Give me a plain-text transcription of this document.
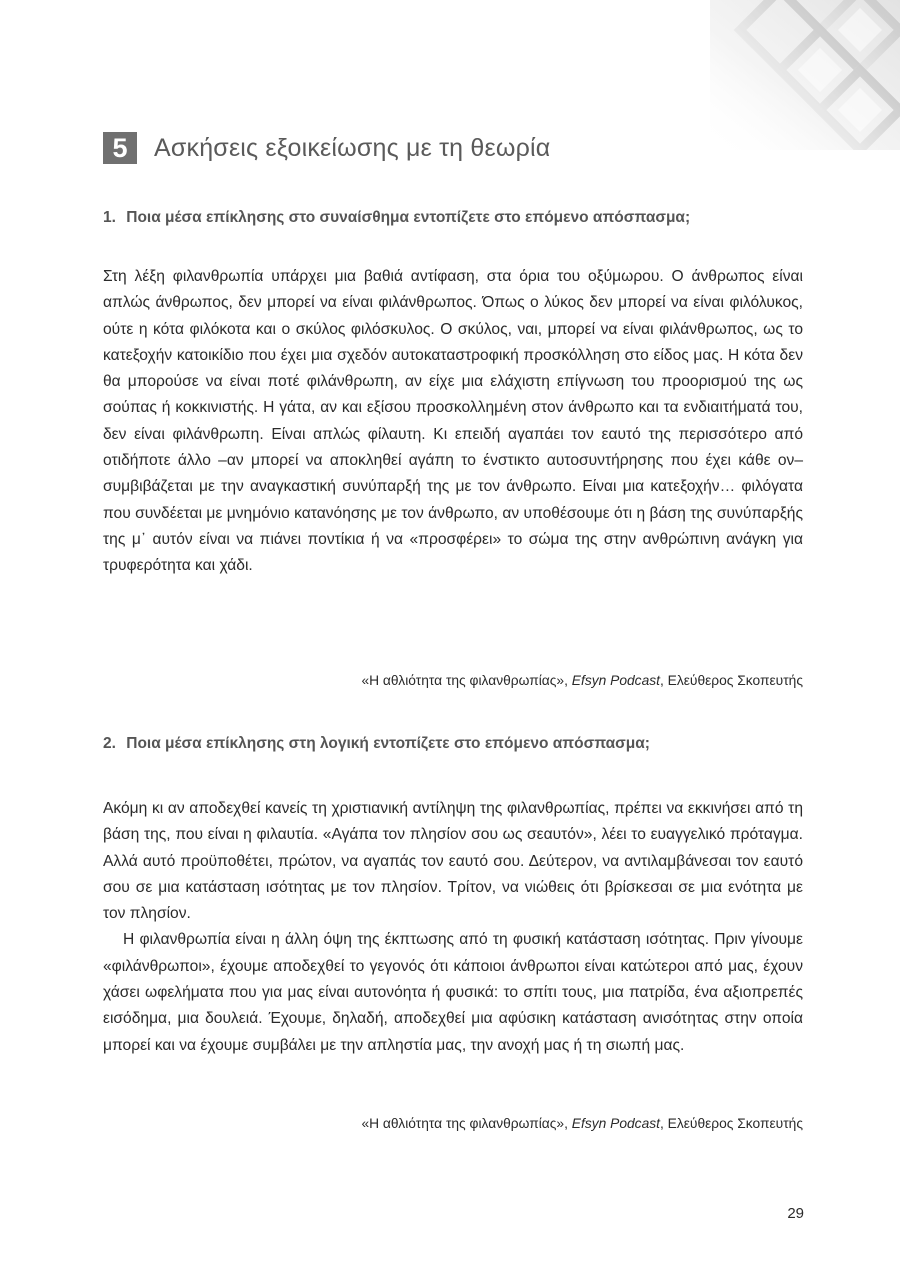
5	Ασκήσεις εξοικείωσης με τη θεωρία
1. Ποια μέσα επίκλησης στο συναίσθημα εντοπίζετε στο επόμενο απόσπασμα;

Στη λέξη φιλανθρωπία υπάρχει μια βαθιά αντίφαση, στα όρια του οξύμωρου. Ο άνθρωπος είναι απλώς άνθρωπος, δεν μπορεί να είναι φιλάνθρωπος. Όπως ο λύκος δεν μπορεί να είναι φιλόλυκος, ούτε η κότα φιλόκοτα και ο σκύλος φιλόσκυλος. Ο σκύλος, ναι, μπορεί να είναι φιλάνθρωπος, ως το κατεξοχήν κατοικίδιο που έχει μια σχεδόν αυτοκαταστροφική προσκόλληση στο είδος μας. Η κότα δεν θα μπορούσε να είναι ποτέ φιλάνθρωπη, αν είχε μια ελάχιστη επίγνωση του προορισμού της ως σούπας ή κοκκινιστής. Η γάτα, αν και εξίσου προσκολλημένη στον άνθρωπο και τα ενδιαιτήματά του, δεν είναι φιλάνθρωπη. Είναι απλώς φίλαυτη. Κι επειδή αγαπάει τον εαυτό της περισσότερο από οτιδήποτε άλλο –αν μπορεί να αποκληθεί αγάπη το ένστικτο αυτοσυντήρησης που έχει κάθε ον– συμβιβάζεται με την αναγκαστική συνύπαρξή της με τον άνθρωπο. Είναι μια κατεξοχήν… φιλόγατα που συνδέεται με μνημόνιο κατανόησης με τον άνθρωπο, αν υποθέσουμε ότι η βάση της συνύπαρξής της μ᾽ αυτόν είναι να πιάνει ποντίκια ή να «προσφέρει» το σώμα της στην ανθρώπινη ανάγκη για τρυφερότητα και χάδι.

«Η αθλιότητα της φιλανθρωπίας», Efsyn Podcast, Ελεύθερος Σκοπευτής
2. Ποια μέσα επίκλησης στη λογική εντοπίζετε στο επόμενο απόσπασμα;

Ακόμη κι αν αποδεχθεί κανείς τη χριστιανική αντίληψη της φιλανθρωπίας, πρέπει να εκκινήσει από τη βάση της, που είναι η φιλαυτία. «Αγάπα τον πλησίον σου ως σεαυτόν», λέει το ευαγγελικό πρόταγμα. Αλλά αυτό προϋποθέτει, πρώτον, να αγαπάς τον εαυτό σου. Δεύτερον, να αντιλαμβάνεσαι τον εαυτό σου σε μια κατάσταση ισότητας με τον πλησίον. Τρίτον, να νιώθεις ότι βρίσκεσαι σε μια ενότητα με τον πλησίον.

Η φιλανθρωπία είναι η άλλη όψη της έκπτωσης από τη φυσική κατάσταση ισότητας. Πριν γίνουμε «φιλάνθρωποι», έχουμε αποδεχθεί το γεγονός ότι κάποιοι άνθρωποι είναι κατώτεροι από μας, έχουν χάσει ωφελήματα που για μας είναι αυτονόητα ή φυσικά: το σπίτι τους, μια πατρίδα, ένα αξιοπρεπές εισόδημα, μια δουλειά. Έχουμε, δηλαδή, αποδεχθεί μια αφύσικη κατάσταση ανισότητας στην οποία μπορεί και να έχουμε συμβάλει με την απληστία μας, την ανοχή μας ή τη σιωπή μας.

«Η αθλιότητα της φιλανθρωπίας», Efsyn Podcast, Ελεύθερος Σκοπευτής
29
